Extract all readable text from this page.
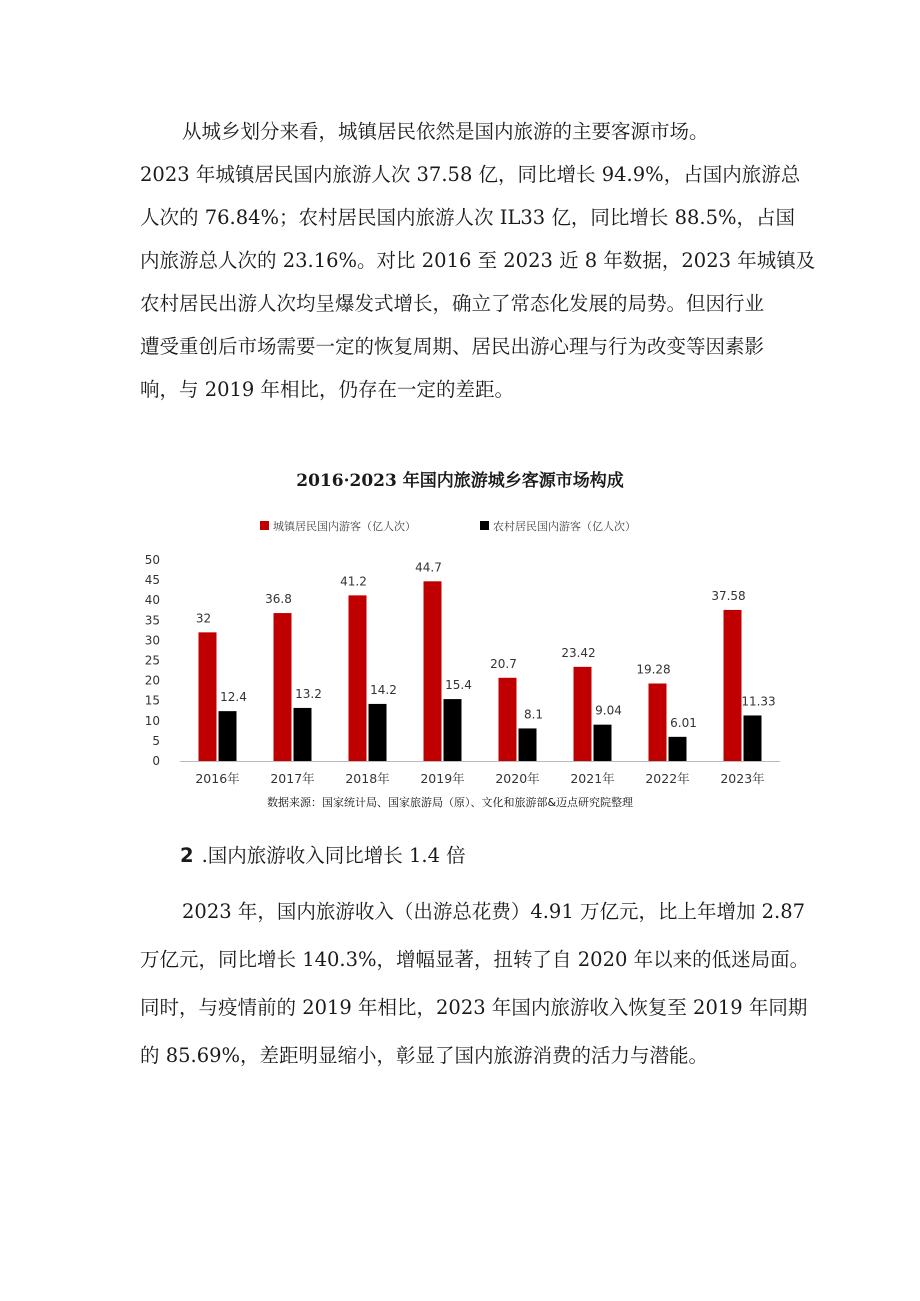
从城乡划分来看，城镇居民依然是国内旅游的主要客源市场。
2023 年城镇居民国内旅游人次 37.58 亿，同比增长 94.9%，占国内旅游总
人次的 76.84%；农村居民国内旅游人次 IL33 亿，同比增长 88.5%，占国
内旅游总人次的 23.16%。对比 2016 至 2023 近 8 年数据，2023 年城镇及
农村居民出游人次均呈爆发式增长，确立了常态化发展的局势。但因行业
遭受重创后市场需要一定的恢复周期、居民出游心理与行为改变等因素影
响，与 2019 年相比，仍存在一定的差距。
2016·2023 年国内旅游城乡客源市场构成
城镇居民国内游客（亿人次）	农村居民国内游客（亿人次）
0
5
10
15
20
25
30
35
40
45
50
32
12.4
2016年
36.8
13.2
2017年
41.2
14.2
2018年
44.7
15.4
2019年
20.7
8.1
2020年
23.42
9.04
2021年
19.28
6.01
2022年
37.58
11.33
2023年
数据来源：国家统计局、国家旅游局（原）、文化和旅游部&迈点研究院整理
2 .国内旅游收入同比增长 1.4 倍
2023 年，国内旅游收入（出游总花费）4.91 万亿元，比上年增加 2.87
万亿元，同比增长 140.3%，增幅显著，扭转了自 2020 年以来的低迷局面。
同时，与疫情前的 2019 年相比，2023 年国内旅游收入恢复至 2019 年同期
的 85.69%，差距明显缩小，彰显了国内旅游消费的活力与潜能。
